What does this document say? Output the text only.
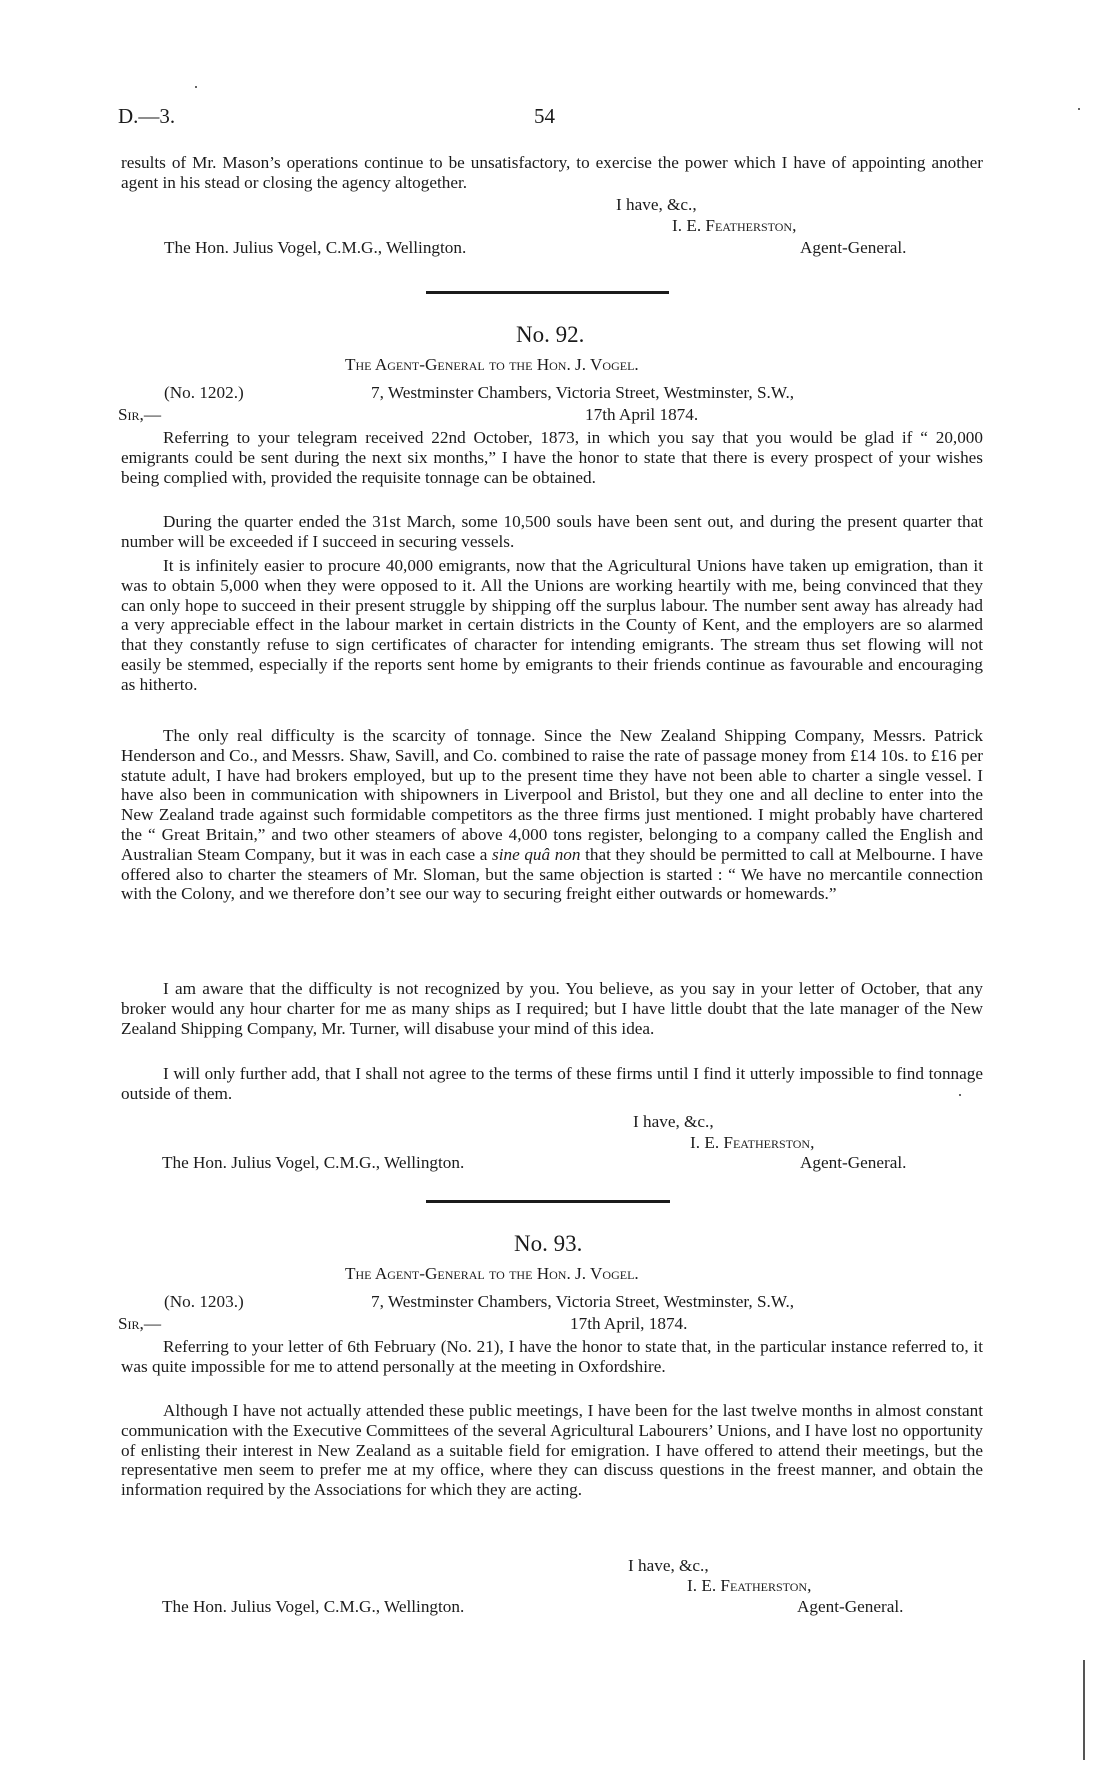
D.—3.	54

results of Mr. Mason’s operations continue to be unsatisfactory, to exercise the power which I have of appointing another agent in his stead or closing the agency altogether.

I have, &c.,
I. E. Featherston,
The Hon. Julius Vogel, C.M.G., Wellington.	Agent-General.
No. 92.
The Agent-General to the Hon. J. Vogel.
(No. 1202.)	7, Westminster Chambers, Victoria Street, Westminster, S.W.,
Sir,—	17th April 1874.

Referring to your telegram received 22nd October, 1873, in which you say that you would be glad if “ 20,000 emigrants could be sent during the next six months,” I have the honor to state that there is every prospect of your wishes being complied with, provided the requisite tonnage can be obtained.

During the quarter ended the 31st March, some 10,500 souls have been sent out, and during the present quarter that number will be exceeded if I succeed in securing vessels.

It is infinitely easier to procure 40,000 emigrants, now that the Agricultural Unions have taken up emigration, than it was to obtain 5,000 when they were opposed to it. All the Unions are working heartily with me, being convinced that they can only hope to succeed in their present struggle by shipping off the surplus labour. The number sent away has already had a very appreciable effect in the labour market in certain districts in the County of Kent, and the employers are so alarmed that they constantly refuse to sign certificates of character for intending emigrants. The stream thus set flowing will not easily be stemmed, especially if the reports sent home by emigrants to their friends continue as favourable and encouraging as hitherto.

The only real difficulty is the scarcity of tonnage. Since the New Zealand Shipping Company, Messrs. Patrick Henderson and Co., and Messrs. Shaw, Savill, and Co. combined to raise the rate of passage money from £14 10s. to £16 per statute adult, I have had brokers employed, but up to the present time they have not been able to charter a single vessel. I have also been in communication with shipowners in Liverpool and Bristol, but they one and all decline to enter into the New Zealand trade against such formidable competitors as the three firms just mentioned. I might probably have chartered the “ Great Britain,” and two other steamers of above 4,000 tons register, belonging to a company called the English and Australian Steam Company, but it was in each case a sine quâ non that they should be permitted to call at Melbourne. I have offered also to charter the steamers of Mr. Sloman, but the same objection is started : “ We have no mercantile connection with the Colony, and we therefore don’t see our way to securing freight either outwards or homewards.”

I am aware that the difficulty is not recognized by you. You believe, as you say in your letter of October, that any broker would any hour charter for me as many ships as I required; but I have little doubt that the late manager of the New Zealand Shipping Company, Mr. Turner, will disabuse your mind of this idea.

I will only further add, that I shall not agree to the terms of these firms until I find it utterly impossible to find tonnage outside of them.

I have, &c.,
I. E. Featherston,
The Hon. Julius Vogel, C.M.G., Wellington.	Agent-General.
No. 93.
The Agent-General to the Hon. J. Vogel.
(No. 1203.)	7, Westminster Chambers, Victoria Street, Westminster, S.W.,
Sir,—	17th April, 1874.

Referring to your letter of 6th February (No. 21), I have the honor to state that, in the particular instance referred to, it was quite impossible for me to attend personally at the meeting in Oxfordshire.

Although I have not actually attended these public meetings, I have been for the last twelve months in almost constant communication with the Executive Committees of the several Agricultural Labourers’ Unions, and I have lost no opportunity of enlisting their interest in New Zealand as a suitable field for emigration. I have offered to attend their meetings, but the representative men seem to prefer me at my office, where they can discuss questions in the freest manner, and obtain the information required by the Associations for which they are acting.

I have, &c.,
I. E. Featherston,
The Hon. Julius Vogel, C.M.G., Wellington.	Agent-General.
